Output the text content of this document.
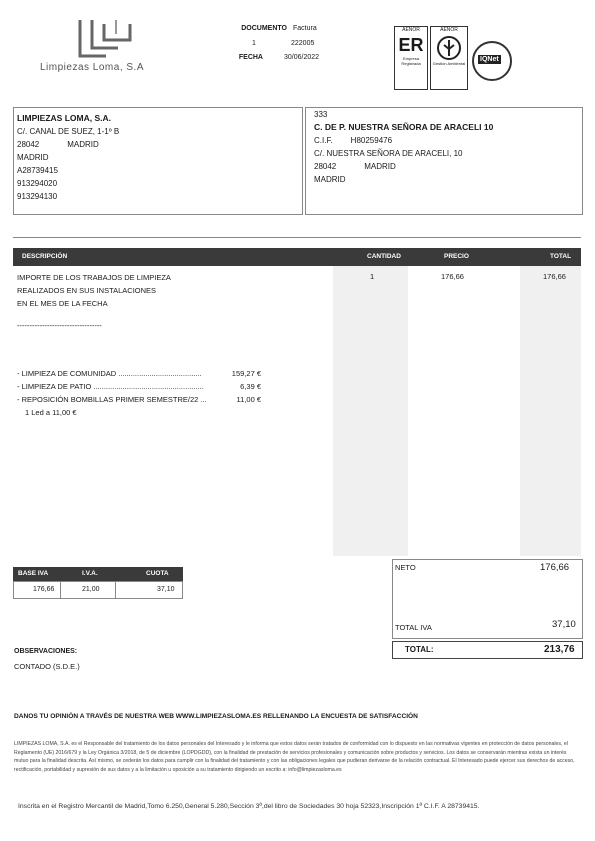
Limpiezas Loma, S.A
DOCUMENTO Factura
1	222005
FECHA	30/06/2022
AENOR
ER
Empresa Registrada
AENOR
Gestión Ambiental
IQNet
LIMPIEZAS LOMA, S.A.
C/. CANAL DE SUEZ, 1-1º B
28042	MADRID
MADRID
A28739415
913294020
913294130
333
C. DE P. NUESTRA SEÑORA DE ARACELI 10
C.I.F. H80259476
C/. NUESTRA SEÑORA DE ARACELI, 10
28042	MADRID
MADRID
DESCRIPCIÓN	CANTIDAD	PRECIO	TOTAL
IMPORTE DE LOS TRABAJOS DE LIMPIEZA
REALIZADOS EN SUS INSTALACIONES
EN EL MES DE LA FECHA
----------------------------------
1	176,66	176,66
- LIMPIEZA DE COMUNIDAD ........................................	159,27 €
- LIMPIEZA DE PATIO .....................................................	6,39 €
- REPOSICIÓN BOMBILLAS PRIMER SEMESTRE/22 ...	11,00 €
1 Led a 11,00 €
BASE IVA	I.V.A.	CUOTA
176,66	21,00	37,10
NETO	176,66
TOTAL IVA	37,10
TOTAL:	213,76
OBSERVACIONES:
CONTADO (S.D.E.)
DANOS TU OPINIÓN A TRAVÉS DE NUESTRA WEB WWW.LIMPIEZASLOMA.ES RELLENANDO LA ENCUESTA DE SATISFACCIÓN
LIMPIEZAS LOMA, S.A. es el Responsable del tratamiento de los datos personales del Interesado y le informa que estos datos serán tratados de conformidad con lo dispuesto en las normativas vigentes en protección de datos personales, el Reglamento (UE) 2016/679 y la Ley Orgánica 3/2018, de 5 de diciembre (LOPDGDD), con la finalidad de prestación de servicios profesionales y comunicación sobre productos y servicios. Los datos se conservarán mientras exista un interés mutuo para la finalidad descrita. Así mismo, se cederán los datos para cumplir con la finalidad del tratamiento y con las obligaciones legales que pudieran derivarse de la relación contractual. El Interesado puede ejercer sus derechos de acceso, rectificación, portabilidad y supresión de sus datos y a la limitación u oposición a su tratamiento dirigiendo un escrito a: info@limpiezasloma.es
Inscrita en el Registro Mercantil de Madrid,Tomo 6.250,General 5.280,Sección 3ª,del libro de Sociedades 30 hoja 52323,Inscripción 1ª C.I.F. A 28739415.
